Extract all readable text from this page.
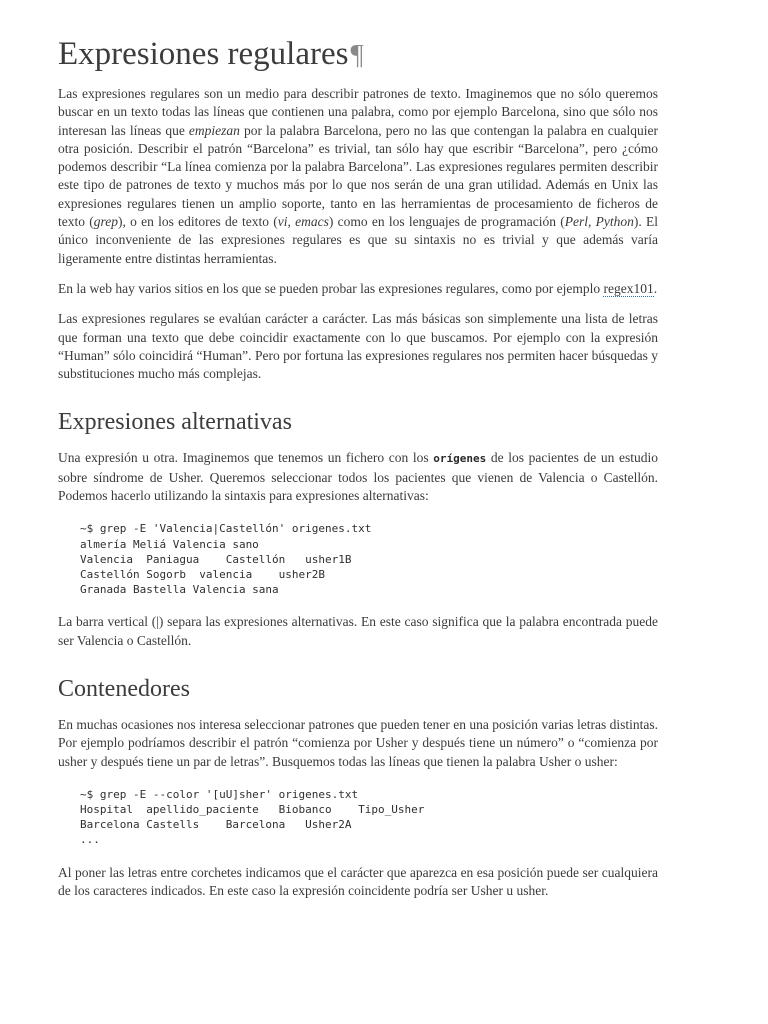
Expresiones regulares¶

Las expresiones regulares son un medio para describir patrones de texto. Imaginemos que no sólo queremos buscar en un texto todas las líneas que contienen una palabra, como por ejemplo Barcelona, sino que sólo nos interesan las líneas que empiezan por la palabra Barcelona, pero no las que contengan la palabra en cualquier otra posición. Describir el patrón “Barcelona” es trivial, tan sólo hay que escribir “Barcelona”, pero ¿cómo podemos describir “La línea comienza por la palabra Barcelona”. Las expresiones regulares permiten describir este tipo de patrones de texto y muchos más por lo que nos serán de una gran utilidad. Además en Unix las expresiones regulares tienen un amplio soporte, tanto en las herramientas de procesamiento de ficheros de texto (grep), o en los editores de texto (vi, emacs) como en los lenguajes de programación (Perl, Python). El único inconveniente de las expresiones regulares es que su sintaxis no es trivial y que además varía ligeramente entre distintas herramientas.

En la web hay varios sitios en los que se pueden probar las expresiones regulares, como por ejemplo regex101.

Las expresiones regulares se evalúan carácter a carácter. Las más básicas son simplemente una lista de letras que forman una texto que debe coincidir exactamente con lo que buscamos. Por ejemplo con la expresión “Human” sólo coincidirá “Human”. Pero por fortuna las expresiones regulares nos permiten hacer búsquedas y substituciones mucho más complejas.

Expresiones alternativas

Una expresión u otra. Imaginemos que tenemos un fichero con los orígenes de los pacientes de un estudio sobre síndrome de Usher. Queremos seleccionar todos los pacientes que vienen de Valencia o Castellón. Podemos hacerlo utilizando la sintaxis para expresiones alternativas:

~$ grep -E 'Valencia|Castellón' origenes.txt
almería Meliá Valencia sano
Valencia  Paniagua    Castellón   usher1B
Castellón Sogorb  valencia    usher2B
Granada Bastella Valencia sana

La barra vertical (|) separa las expresiones alternativas. En este caso significa que la palabra encontrada puede ser Valencia o Castellón.

Contenedores

En muchas ocasiones nos interesa seleccionar patrones que pueden tener en una posición varias letras distintas. Por ejemplo podríamos describir el patrón “comienza por Usher y después tiene un número” o “comienza por usher y después tiene un par de letras”. Busquemos todas las líneas que tienen la palabra Usher o usher:

~$ grep -E --color '[uU]sher' origenes.txt
Hospital  apellido_paciente   Biobanco    Tipo_Usher
Barcelona Castells    Barcelona   Usher2A
...

Al poner las letras entre corchetes indicamos que el carácter que aparezca en esa posición puede ser cualquiera de los caracteres indicados. En este caso la expresión coincidente podría ser Usher u usher.
